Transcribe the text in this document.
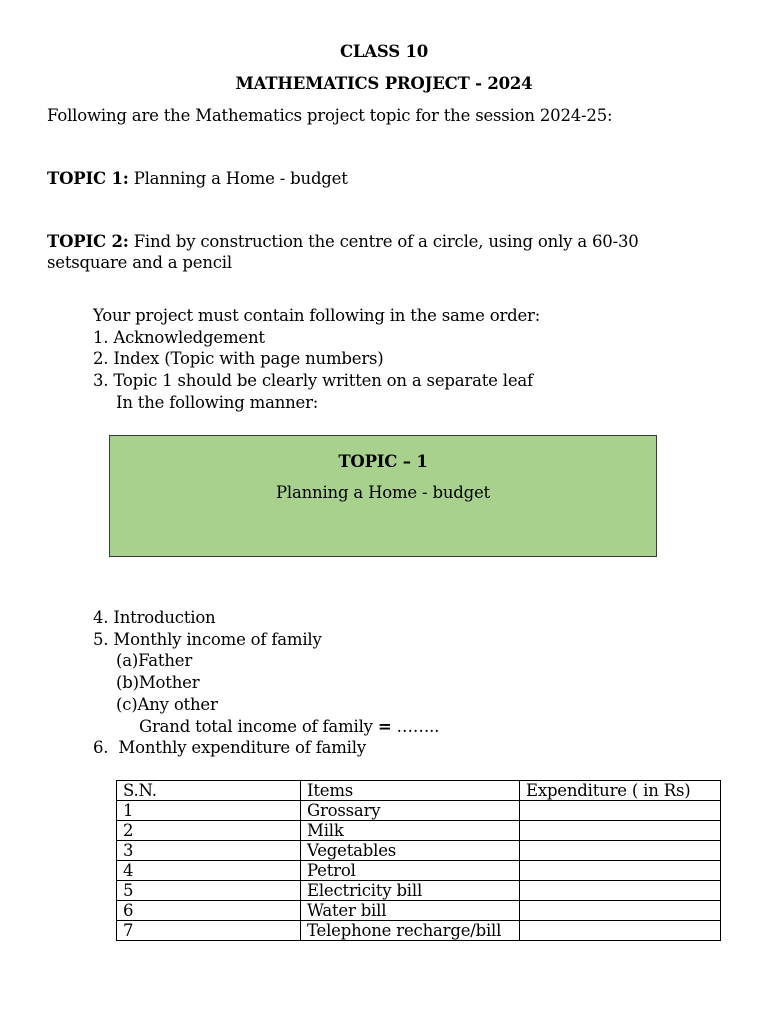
CLASS 10
MATHEMATICS PROJECT - 2024
Following are the Mathematics project topic for the session 2024-25:
TOPIC 1: Planning a Home - budget
TOPIC 2: Find by construction the centre of a circle, using only a 60-30
setsquare and a pencil
Your project must contain following in the same order:
1. Acknowledgement
2. Index (Topic with page numbers)
3. Topic 1 should be clearly written on a separate leaf
In the following manner:
TOPIC – 1
Planning a Home - budget
4. Introduction
5. Monthly income of family
(a)Father
(b)Mother
(c)Any other
Grand total income of family = ……..
6.  Monthly expenditure of family
S.N.	Items	Expenditure ( in Rs)
1	Grossary	
2	Milk	
3	Vegetables	
4	Petrol	
5	Electricity bill	
6	Water bill	
7	Telephone recharge/bill	
